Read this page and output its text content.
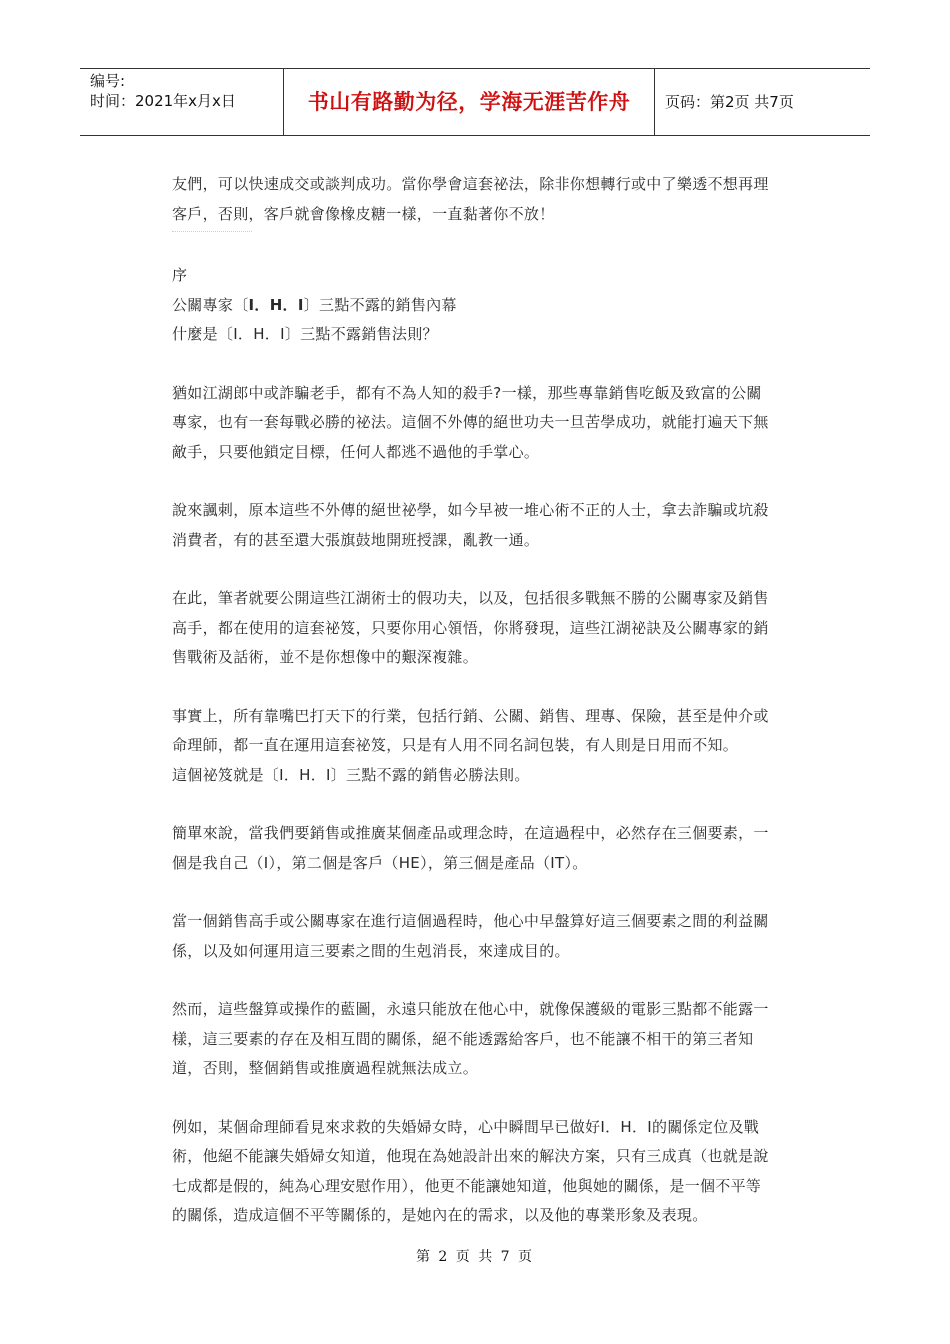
编号:
时间：2021年x月x日	书山有路勤为径，学海无涯苦作舟	页码：第2页 共7页

友們，可以快速成交或談判成功。當你學會這套祕法，除非你想轉行或中了樂透不想再理
客戶，否則，客戶就會像橡皮糖一樣，一直黏著你不放！

序
公關專家〔I．H．I〕三點不露的銷售內幕
什麼是〔I．H．I〕三點不露銷售法則？

猶如江湖郎中或詐騙老手，都有不為人知的殺手?一樣，那些專靠銷售吃飯及致富的公關
專家，也有一套每戰必勝的祕法。這個不外傳的絕世功夫一旦苦學成功，就能打遍天下無
敵手，只要他鎖定目標，任何人都逃不過他的手掌心。

說來諷刺，原本這些不外傳的絕世祕學，如今早被一堆心術不正的人士，拿去詐騙或坑殺
消費者，有的甚至還大張旗鼓地開班授課，亂教一通。

在此，筆者就要公開這些江湖術士的假功夫，以及，包括很多戰無不勝的公關專家及銷售
高手，都在使用的這套祕笈，只要你用心領悟，你將發現，這些江湖祕訣及公關專家的銷
售戰術及話術，並不是你想像中的艱深複雜。

事實上，所有靠嘴巴打天下的行業，包括行銷、公關、銷售、理專、保險，甚至是仲介或
命理師，都一直在運用這套祕笈，只是有人用不同名詞包裝，有人則是日用而不知。
這個祕笈就是〔I．H．I〕三點不露的銷售必勝法則。

簡單來說，當我們要銷售或推廣某個產品或理念時，在這過程中，必然存在三個要素，一
個是我自己（I），第二個是客戶（HE），第三個是產品（IT）。

當一個銷售高手或公關專家在進行這個過程時，他心中早盤算好這三個要素之間的利益關
係，以及如何運用這三要素之間的生剋消長，來達成目的。

然而，這些盤算或操作的藍圖，永遠只能放在他心中，就像保護級的電影三點都不能露一
樣，這三要素的存在及相互間的關係，絕不能透露給客戶，也不能讓不相干的第三者知
道，否則，整個銷售或推廣過程就無法成立。

例如，某個命理師看見來求救的失婚婦女時，心中瞬間早已做好I．H．I的關係定位及戰
術，他絕不能讓失婚婦女知道，他現在為她設計出來的解決方案，只有三成真（也就是說
七成都是假的，純為心理安慰作用），他更不能讓她知道，他與她的關係，是一個不平等
的關係，造成這個不平等關係的，是她內在的需求，以及他的專業形象及表現。

第 2 页 共 7 页
